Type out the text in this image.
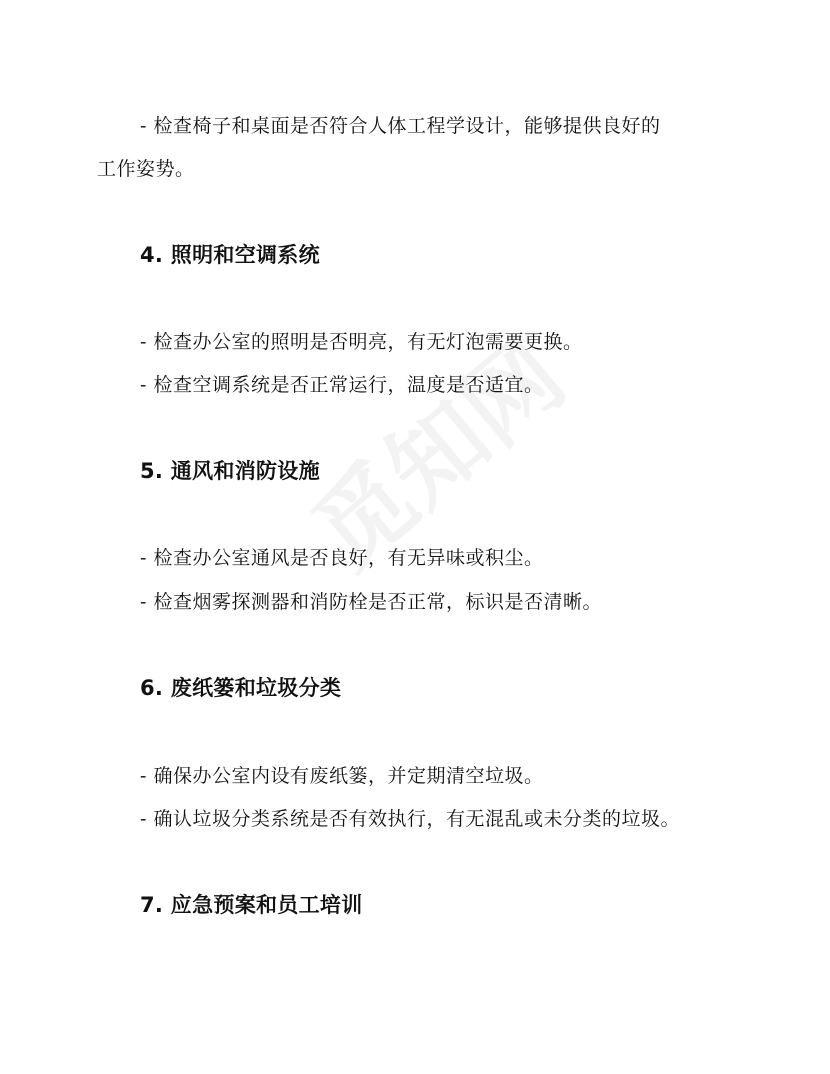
- 检查椅子和桌面是否符合人体工程学设计，能够提供良好的
工作姿势。
4. 照明和空调系统
- 检查办公室的照明是否明亮，有无灯泡需要更换。
- 检查空调系统是否正常运行，温度是否适宜。
5. 通风和消防设施
- 检查办公室通风是否良好，有无异味或积尘。
- 检查烟雾探测器和消防栓是否正常，标识是否清晰。
6. 废纸篓和垃圾分类
- 确保办公室内设有废纸篓，并定期清空垃圾。
- 确认垃圾分类系统是否有效执行，有无混乱或未分类的垃圾。
7. 应急预案和员工培训
